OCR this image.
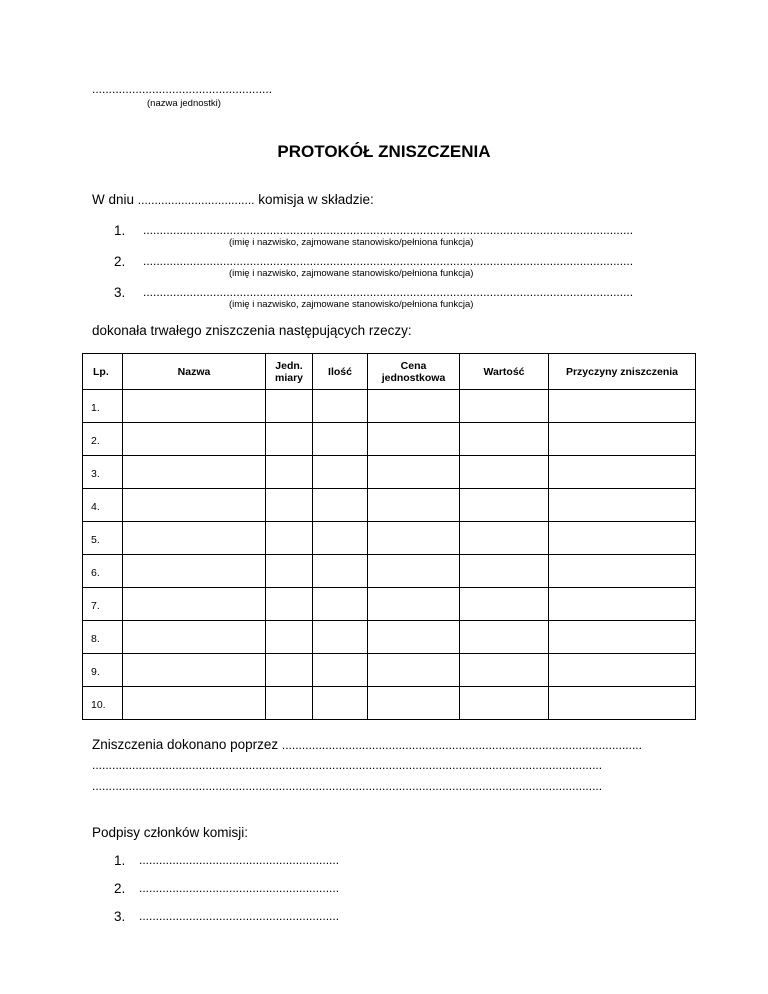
......................................................
(nazwa jednostki)
PROTOKÓŁ ZNISZCZENIA
W dniu ................................... komisja w składzie:
1. ...................................................................................................................................................
(imię i nazwisko, zajmowane stanowisko/pełniona funkcja)
2. ...................................................................................................................................................
(imię i nazwisko, zajmowane stanowisko/pełniona funkcja)
3. ...................................................................................................................................................
(imię i nazwisko, zajmowane stanowisko/pełniona funkcja)
dokonała trwałego zniszczenia następujących rzeczy:
Lp.	Nazwa	Jedn. miary	Ilość	Cena jednostkowa	Wartość	Przyczyny zniszczenia
1.						
2.						
3.						
4.						
5.						
6.						
7.						
8.						
9.						
10.						
Zniszczenia dokonano poprzez ............................................................................................................
.........................................................................................................................................................
.........................................................................................................................................................
Podpisy członków komisji:
1. ............................................................
2. ............................................................
3. ............................................................
